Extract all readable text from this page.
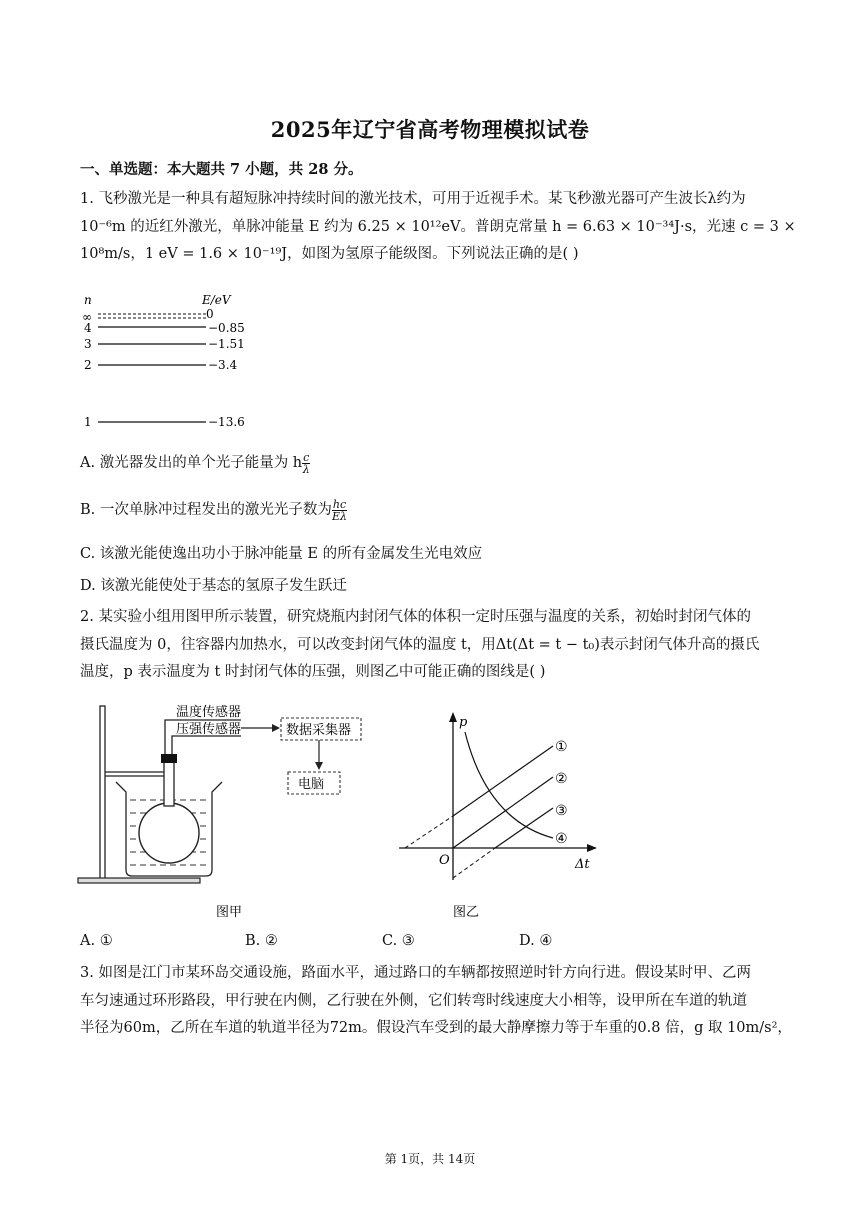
2025年辽宁省高考物理模拟试卷
一、单选题：本大题共 7 小题，共 28 分。
1. 飞秒激光是一种具有超短脉冲持续时间的激光技术，可用于近视手术。某飞秒激光器可产生波长λ约为
10⁻⁶m 的近红外激光，单脉冲能量 E 约为 6.25 × 10¹²eV。普朗克常量 h = 6.63 × 10⁻³⁴J·s，光速 c = 3 ×
10⁸m/s，1 eV = 1.6 × 10⁻¹⁹J，如图为氢原子能级图。下列说法正确的是( )
n	E/eV
∞	0
4	−0.85
3	−1.51
2	−3.4
1	−13.6
A. 激光器发出的单个光子能量为 h $\frac{c}{\lambda}$
B. 一次单脉冲过程发出的激光光子数为 $\frac{hc}{E\lambda}$
C. 该激光能使逸出功小于脉冲能量 E 的所有金属发生光电效应
D. 该激光能使处于基态的氢原子发生跃迁
2. 某实验小组用图甲所示装置，研究烧瓶内封闭气体的体积一定时压强与温度的关系，初始时封闭气体的
摄氏温度为 0，往容器内加热水，可以改变封闭气体的温度 t，用Δt(Δt = t − t₀)表示封闭气体升高的摄氏
温度，p 表示温度为 t 时封闭气体的压强，则图乙中可能正确的图线是( )
温度传感器
压强传感器	数据采集器
电脑
图甲
p
Δt
O
①
②
③
④
图乙
A. ①	B. ②	C. ③	D. ④
3. 如图是江门市某环岛交通设施，路面水平，通过路口的车辆都按照逆时针方向行进。假设某时甲、乙两
车匀速通过环形路段，甲行驶在内侧，乙行驶在外侧，它们转弯时线速度大小相等，设甲所在车道的轨道
半径为60m，乙所在车道的轨道半径为72m。假设汽车受到的最大静摩擦力等于车重的0.8 倍，g 取 10m/s²，
第 1页，共 14页
